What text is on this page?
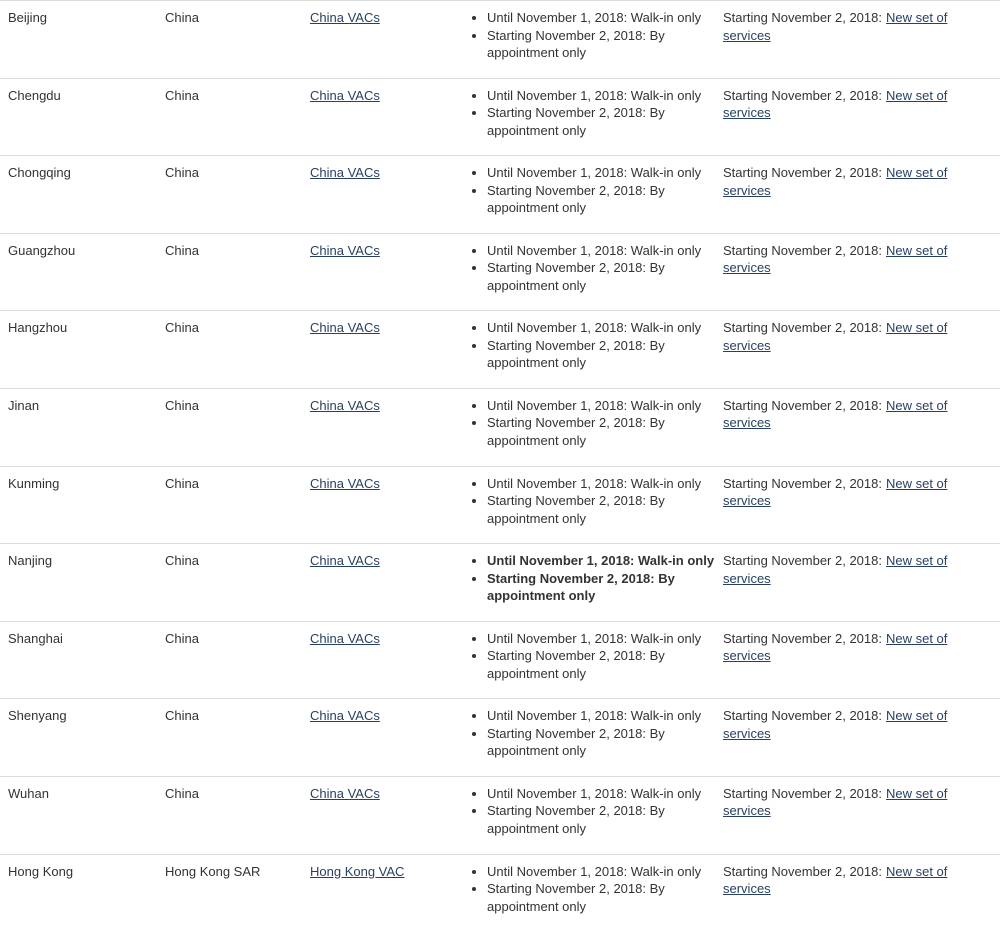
Beijing	China	China VACs	• Until November 1, 2018: Walk-in only
• Starting November 2, 2018: By appointment only
Starting November 2, 2018: New set of services
Chengdu	China	China VACs	• Until November 1, 2018: Walk-in only
• Starting November 2, 2018: By appointment only
Starting November 2, 2018: New set of services
Chongqing	China	China VACs	• Until November 1, 2018: Walk-in only
• Starting November 2, 2018: By appointment only
Starting November 2, 2018: New set of services
Guangzhou	China	China VACs	• Until November 1, 2018: Walk-in only
• Starting November 2, 2018: By appointment only
Starting November 2, 2018: New set of services
Hangzhou	China	China VACs	• Until November 1, 2018: Walk-in only
• Starting November 2, 2018: By appointment only
Starting November 2, 2018: New set of services
Jinan	China	China VACs	• Until November 1, 2018: Walk-in only
• Starting November 2, 2018: By appointment only
Starting November 2, 2018: New set of services
Kunming	China	China VACs	• Until November 1, 2018: Walk-in only
• Starting November 2, 2018: By appointment only
Starting November 2, 2018: New set of services
Nanjing	China	China VACs	• Until November 1, 2018: Walk-in only
• Starting November 2, 2018: By appointment only
Starting November 2, 2018: New set of services
Shanghai	China	China VACs	• Until November 1, 2018: Walk-in only
• Starting November 2, 2018: By appointment only
Starting November 2, 2018: New set of services
Shenyang	China	China VACs	• Until November 1, 2018: Walk-in only
• Starting November 2, 2018: By appointment only
Starting November 2, 2018: New set of services
Wuhan	China	China VACs	• Until November 1, 2018: Walk-in only
• Starting November 2, 2018: By appointment only
Starting November 2, 2018: New set of services
Hong Kong	Hong Kong SAR	Hong Kong VAC	• Until November 1, 2018: Walk-in only
• Starting November 2, 2018: By appointment only
Starting November 2, 2018: New set of services
